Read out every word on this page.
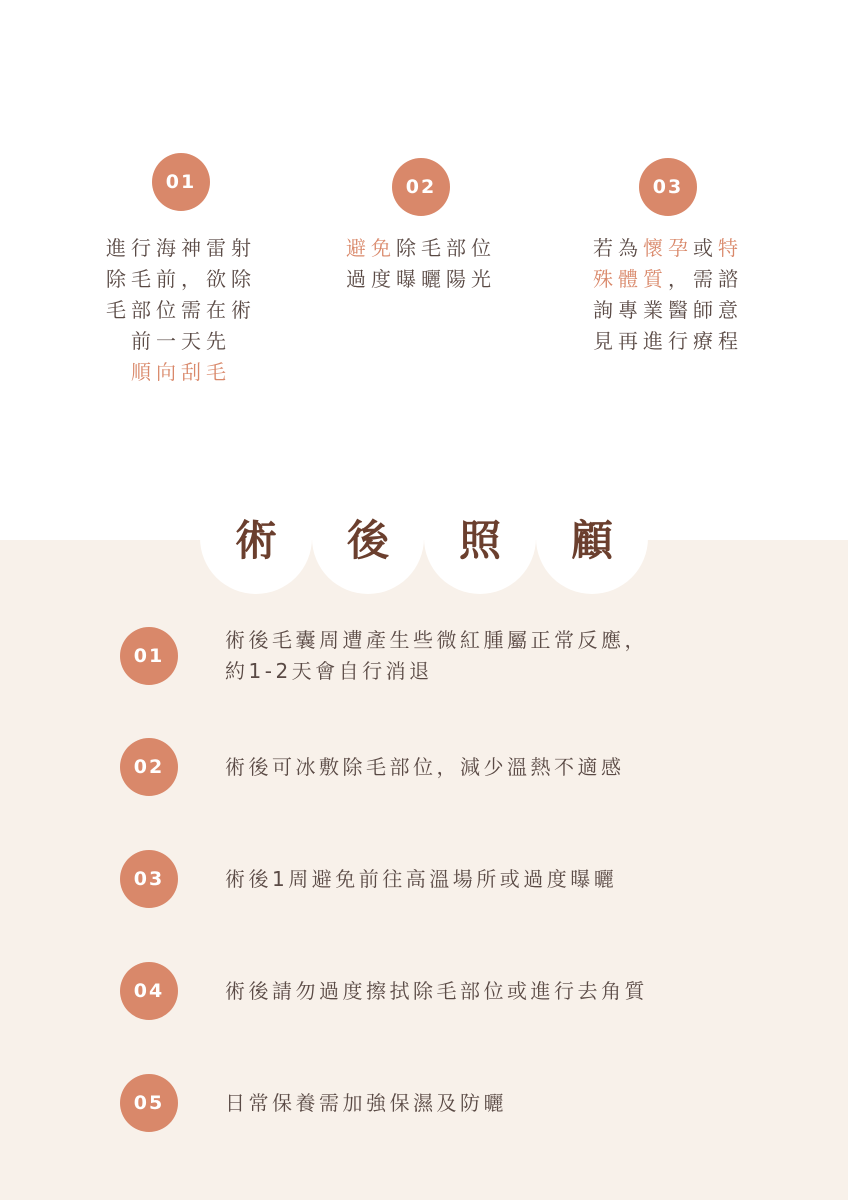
01
進行海神雷射
除毛前，欲除
毛部位需在術
前一天先
順向刮毛
02
避免除毛部位
過度曝曬陽光
03
若為懷孕或特
殊體質，需諮
詢專業醫師意
見再進行療程
術	後	照	顧
01
術後毛囊周遭產生些微紅腫屬正常反應，
約1-2天會自行消退
02	術後可冰敷除毛部位，減少溫熱不適感
03	術後1周避免前往高溫場所或過度曝曬
04	術後請勿過度擦拭除毛部位或進行去角質
05	日常保養需加強保濕及防曬
